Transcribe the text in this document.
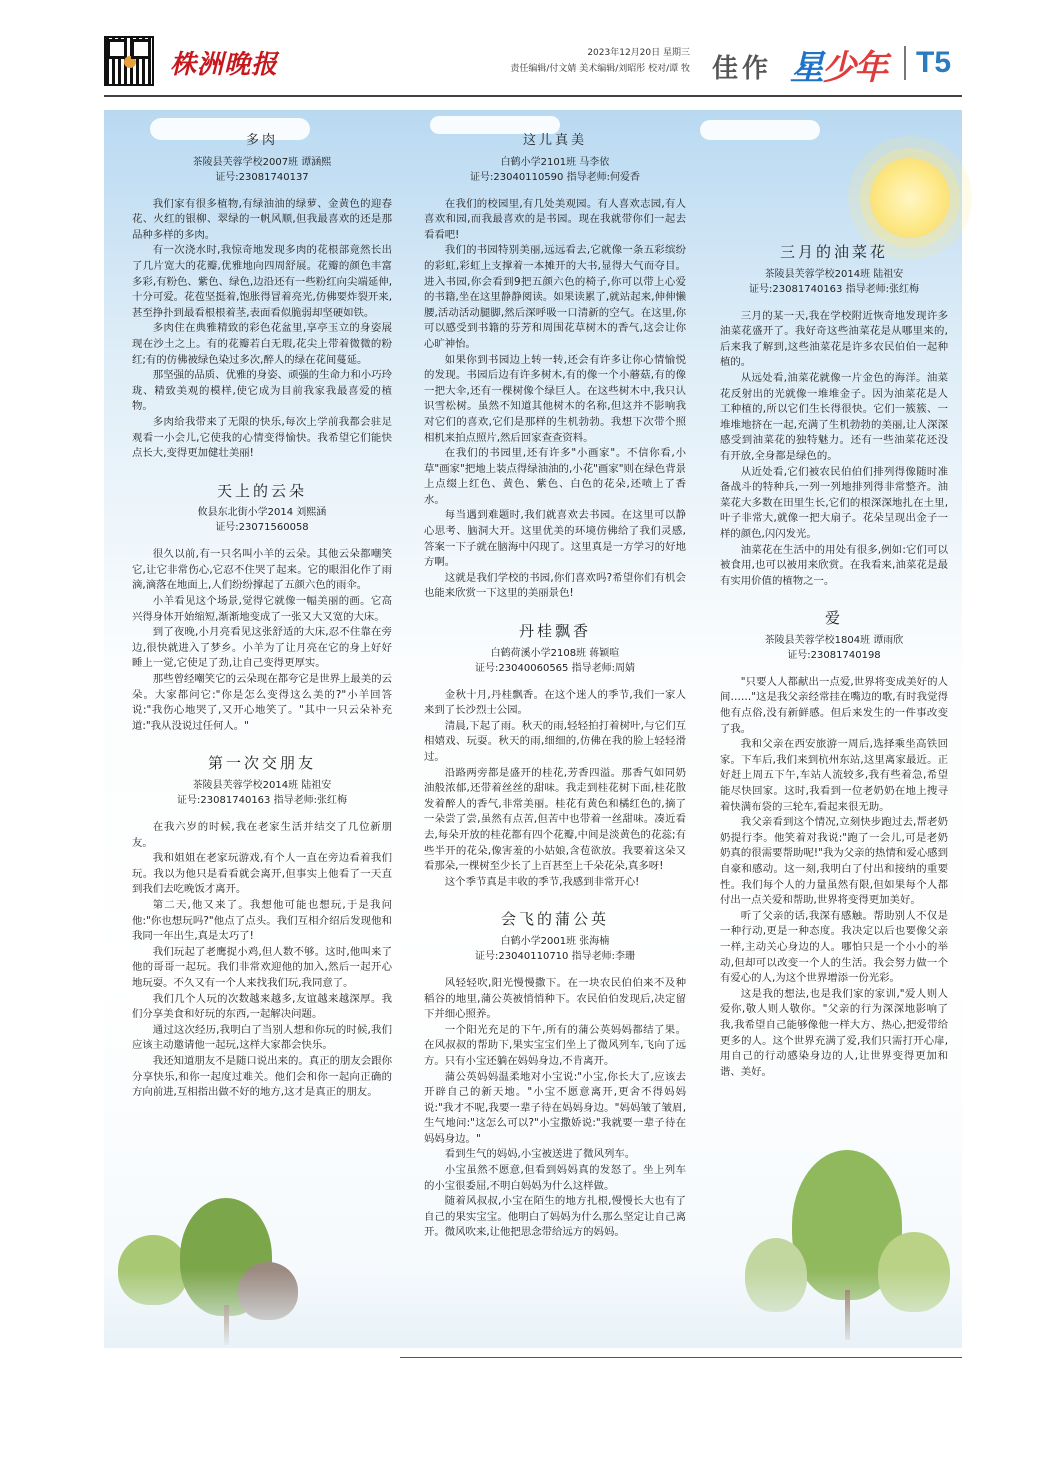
株洲晚报	2023年12月20日 星期三
责任编辑/付文婧 美术编辑/刘昭彤 校对/谭 牧 佳作 星少年	T5
多肉
茶陵县芙蓉学校2007班 谭涵熙
证号:23081740137

我们家有很多植物,有绿油油的绿萝、金黄色的迎春花、火红的银柳、翠绿的一帆风顺,但我最喜欢的还是那品种多样的多肉。

有一次浇水时,我惊奇地发现多肉的花根部竟然长出了几片宽大的花瓣,优雅地向四周舒展。花瓣的颜色丰富多彩,有粉色、紫色、绿色,边沿还有一些粉红向尖端延伸,十分可爱。花苞坚挺着,饱胀得冒着亮光,仿佛要炸裂开来,甚至挣扑到最看根根着茎,表面看似脆弱却坚硬如铁。

多肉住在典雅精致的彩色花盆里,享亭玉立的身姿展现在沙土之上。有的花瓣若白无瑕,花尖上带着微微的粉红;有的仿佛被绿色染过多次,醉人的绿在花间蔓延。

那坚强的品质、优雅的身姿、顽强的生命力和小巧玲珑、精致美观的模样,使它成为目前我家我最喜爱的植物。

多肉给我带来了无限的快乐,每次上学前我都会驻足观看一小会儿,它使我的心情变得愉快。我希望它们能快点长大,变得更加健壮美丽!

天上的云朵
攸县东北街小学2014 刘熙涵
证号:23071560058

很久以前,有一只名叫小羊的云朵。其他云朵都嘲笑它,让它非常伤心,它忍不住哭了起来。它的眼泪化作了雨滴,滴落在地面上,人们纷纷撑起了五颜六色的雨伞。

小羊看见这个场景,觉得它就像一幅美丽的画。它高兴得身体开始缩短,渐渐地变成了一张又大又宽的大床。

到了夜晚,小月亮看见这张舒适的大床,忍不住靠在旁边,很快就进入了梦乡。小羊为了让月亮在它的身上好好睡上一觉,它使足了劲,让自己变得更厚实。

那些曾经嘲笑它的云朵现在都夸它是世界上最美的云朵。大家都问它:"你是怎么变得这么美的?"小羊回答说:"我伤心地哭了,又开心地笑了。"其中一只云朵补充道:"我从没说过任何人。"

第一次交朋友
茶陵县芙蓉学校2014班 陆祖安
证号:23081740163 指导老师:张红梅

在我六岁的时候,我在老家生活并结交了几位新朋友。

我和姐姐在老家玩游戏,有个人一直在旁边看着我们玩。我以为他只是看看就会离开,但事实上他看了一天直到我们去吃晚饭才离开。

第二天,他又来了。我想他可能也想玩,于是我问他:"你也想玩吗?"他点了点头。我们互相介绍后发现他和我同一年出生,真是太巧了!

我们玩起了老鹰捉小鸡,但人数不够。这时,他叫来了他的哥哥一起玩。我们非常欢迎他的加入,然后一起开心地玩耍。不久又有一个人来找我们玩,我同意了。

我们几个人玩的次数越来越多,友谊越来越深厚。我们分享美食和好玩的东西,一起解决问题。

通过这次经历,我明白了当别人想和你玩的时候,我们应该主动邀请他一起玩,这样大家都会快乐。

我还知道朋友不是随口说出来的。真正的朋友会跟你分享快乐,和你一起度过难关。他们会和你一起向正确的方向前进,互相指出做不好的地方,这才是真正的朋友。

这儿真美
白鹤小学2101班 马李依
证号:23040110590 指导老师:何爱香

在我们的校园里,有几处美观园。有人喜欢志园,有人喜欢和园,而我最喜欢的是书园。现在我就带你们一起去看看吧!

我们的书园特别美丽,远远看去,它就像一条五彩缤纷的彩虹,彩虹上支撑着一本摊开的大书,显得大气而夺目。进入书园,你会看到9把五颜六色的椅子,你可以带上心爱的书籍,坐在这里静静阅读。如果读累了,就站起来,伸伸懒腰,活动活动腿脚,然后深呼吸一口清新的空气。在这里,你可以感受到书籍的芬芳和周围花草树木的香气,这会让你心旷神怡。

如果你到书园边上转一转,还会有许多让你心情愉悦的发现。书园后边有许多树木,有的像一个小蘑菇,有的像一把大伞,还有一棵树像个绿巨人。在这些树木中,我只认识雪松树。虽然不知道其他树木的名称,但这并不影响我对它们的喜欢,它们是那样的生机勃勃。我想下次带个照相机来拍点照片,然后回家查查资料。

在我们的书园里,还有许多"小画家"。不信你看,小草"画家"把地上装点得绿油油的,小花"画家"则在绿色背景上点缀上红色、黄色、紫色、白色的花朵,还喷上了香水。

每当遇到难题时,我们就喜欢去书园。在这里可以静心思考、脑洞大开。这里优美的环境仿佛给了我们灵感,答案一下子就在脑海中闪现了。这里真是一方学习的好地方啊。

这就是我们学校的书园,你们喜欢吗?希望你们有机会也能来欣赏一下这里的美丽景色!

丹桂飘香
白鹤荷溪小学2108班 蒋颖喧
证号:23040060565 指导老师:周婧

金秋十月,丹桂飘香。在这个迷人的季节,我们一家人来到了长沙烈士公园。

清晨,下起了雨。秋天的雨,轻轻拍打着树叶,与它们互相嬉戏、玩耍。秋天的雨,细细的,仿佛在我的脸上轻轻滑过。

沿路两旁都是盛开的桂花,芳香四溢。那香气如同奶油般浓郁,还带着丝丝的甜味。我走到桂花树下面,桂花散发着醉人的香气,非常美丽。桂花有黄色和橘红色的,摘了一朵尝了尝,虽然有点苦,但苦中也带着一丝甜味。凑近看去,每朵开放的桂花都有四个花瓣,中间是淡黄色的花蕊;有些半开的花朵,像害羞的小姑娘,含苞欲放。我要着这朵又看那朵,一棵树至少长了上百甚至上千朵花朵,真多呀!

这个季节真是丰收的季节,我感到非常开心!

会飞的蒲公英
白鹤小学2001班 张海楠
证号:23040110710 指导老师:李珊

风轻轻吹,阳光慢慢撒下。在一块农民伯伯来不及种稻谷的地里,蒲公英被悄悄种下。农民伯伯发现后,决定留下并细心照养。

一个阳光充足的下午,所有的蒲公英妈妈都结了果。在风叔叔的帮助下,果实宝宝们坐上了微风列车,飞向了远方。只有小宝还躺在妈妈身边,不肯离开。

蒲公英妈妈温柔地对小宝说:"小宝,你长大了,应该去开辟自己的新天地。"小宝不愿意离开,更舍不得妈妈说:"我才不呢,我要一辈子待在妈妈身边。"妈妈皱了皱眉,生气地问:"这怎么可以?"小宝撒娇说:"我就要一辈子待在妈妈身边。"

看到生气的妈妈,小宝被送进了微风列车。

小宝虽然不愿意,但看到妈妈真的发怒了。坐上列车的小宝很委屈,不明白妈妈为什么这样做。

随着风叔叔,小宝在陌生的地方扎根,慢慢长大也有了自己的果实宝宝。他明白了妈妈为什么那么坚定让自己离开。微风吹来,让他把思念带给远方的妈妈。

三月的油菜花
茶陵县芙蓉学校2014班 陆祖安
证号:23081740163 指导老师:张红梅

三月的某一天,我在学校附近恢奇地发现许多油菜花盛开了。我好奇这些油菜花是从哪里来的,后来我了解到,这些油菜花是许多农民伯伯一起种植的。

从远处看,油菜花就像一片金色的海洋。油菜花反射出的光就像一堆堆金子。因为油菜花是人工种植的,所以它们生长得很快。它们一簇簇、一堆堆地挤在一起,充满了生机勃勃的美丽,让人深深感受到油菜花的独特魅力。还有一些油菜花还没有开放,全身都是绿色的。

从近处看,它们被农民伯伯们排列得像随时准备战斗的特种兵,一列一列地排列得非常整齐。油菜花大多数在田里生长,它们的根深深地扎在土里,叶子非常大,就像一把大扇子。花朵呈现出金子一样的颜色,闪闪发光。

油菜花在生活中的用处有很多,例如:它们可以被食用,也可以被用来欣赏。在我看来,油菜花是最有实用价值的植物之一。

爱
茶陵县芙蓉学校1804班 谭雨欣
证号:23081740198

"只要人人都献出一点爱,世界将变成美好的人间……"这是我父亲经常挂在嘴边的歌,有时我觉得他有点俗,没有新鲜感。但后来发生的一件事改变了我。

我和父亲在西安旅游一周后,选择乘坐高铁回家。下车后,我们来到杭州东站,这里离家最近。正好赶上周五下午,车站人流较多,我有些着急,希望能尽快回家。这时,我看到一位老奶奶在地上搜寻着快满布袋的三轮车,看起来很无助。

我父亲看到这个情况,立刻快步跑过去,帮老奶奶提行李。他笑着对我说:"跑了一会儿,可是老奶奶真的很需要帮助呢!"我为父亲的热情和爱心感到自豪和感动。这一刻,我明白了付出和接纳的重要性。我们每个人的力量虽然有限,但如果每个人都付出一点关爱和帮助,世界将变得更加美好。

听了父亲的话,我深有感触。帮助别人不仅是一种行动,更是一种态度。我决定以后也要像父亲一样,主动关心身边的人。哪怕只是一个小小的举动,但却可以改变一个人的生活。我会努力做一个有爱心的人,为这个世界增添一份光彩。

这是我的想法,也是我们家的家训,"爱人则人爱你,敬人则人敬你。"父亲的行为深深地影响了我,我希望自己能够像他一样大方、热心,把爱带给更多的人。这个世界充满了爱,我们只需打开心扉,用自己的行动感染身边的人,让世界变得更加和谐、美好。
